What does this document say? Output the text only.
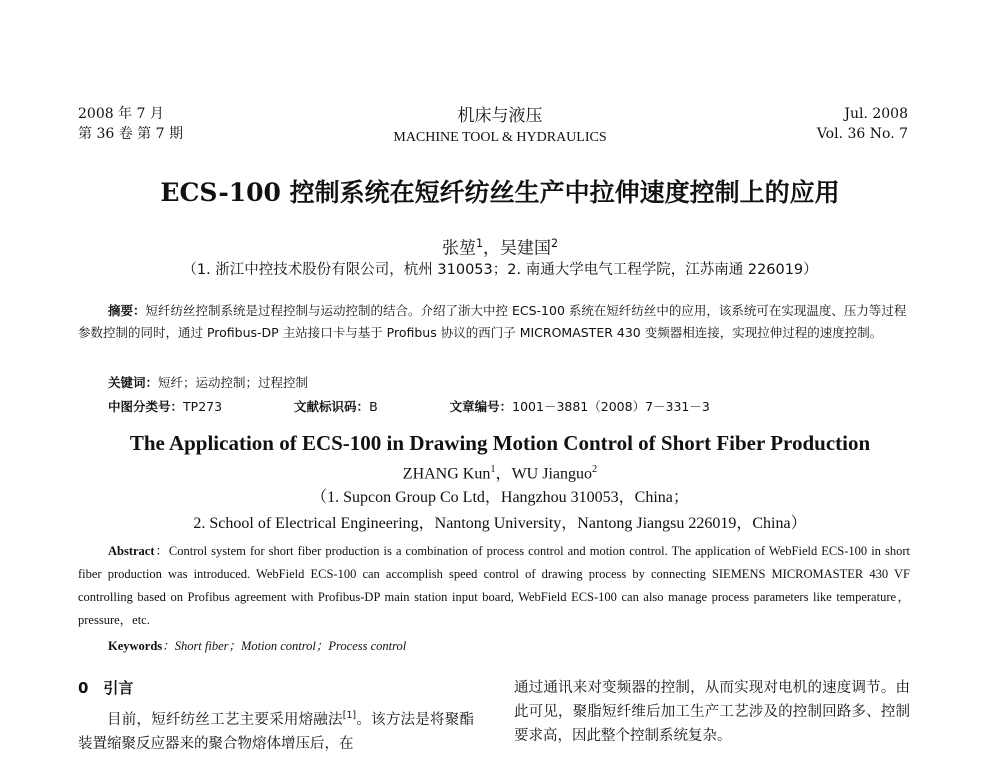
2008 年 7 月
第 36 卷 第 7 期
机床与液压
MACHINE TOOL & HYDRAULICS
Jul. 2008
Vol. 36 No. 7
ECS-100 控制系统在短纤纺丝生产中拉伸速度控制上的应用
张堃$^1$，吴建国$^2$
（1. 浙江中控技术股份有限公司，杭州 310053；2. 南通大学电气工程学院，江苏南通 226019）
摘要：短纤纺丝控制系统是过程控制与运动控制的结合。介绍了浙大中控 ECS-100 系统在短纤纺丝中的应用，该系统可在实现温度、压力等过程参数控制的同时，通过 Profibus-DP 主站接口卡与基于 Profibus 协议的西门子 MICROMASTER 430 变频器相连接，实现拉伸过程的速度控制。
关键词：短纤；运动控制；过程控制
中图分类号：TP273	文献标识码：B	文章编号：1001－3881（2008）7－331－3
The Application of ECS-100 in Drawing Motion Control of Short Fiber Production
ZHANG Kun$^1$，WU Jianguo$^2$
（1. Supcon Group Co Ltd，Hangzhou 310053，China；
2. School of Electrical Engineering，Nantong University，Nantong Jiangsu 226019，China）
Abstract：Control system for short fiber production is a combination of process control and motion control. The application of WebField ECS-100 in short fiber production was introduced. WebField ECS-100 can accomplish speed control of drawing process by connecting SIEMENS MICROMASTER 430 VF controlling based on Profibus agreement with Profibus-DP main station input board, WebField ECS-100 can also manage process parameters like temperature，pressure，etc.
Keywords：Short fiber；Motion control；Process control
0　引言
目前，短纤纺丝工艺主要采用熔融法[1]。该方法是将聚酯装置缩聚反应器来的聚合物熔体增压后，在
通过通讯来对变频器的控制，从而实现对电机的速度调节。由此可见，聚脂短纤维后加工生产工艺涉及的控制回路多、控制要求高，因此整个控制系统复杂。
